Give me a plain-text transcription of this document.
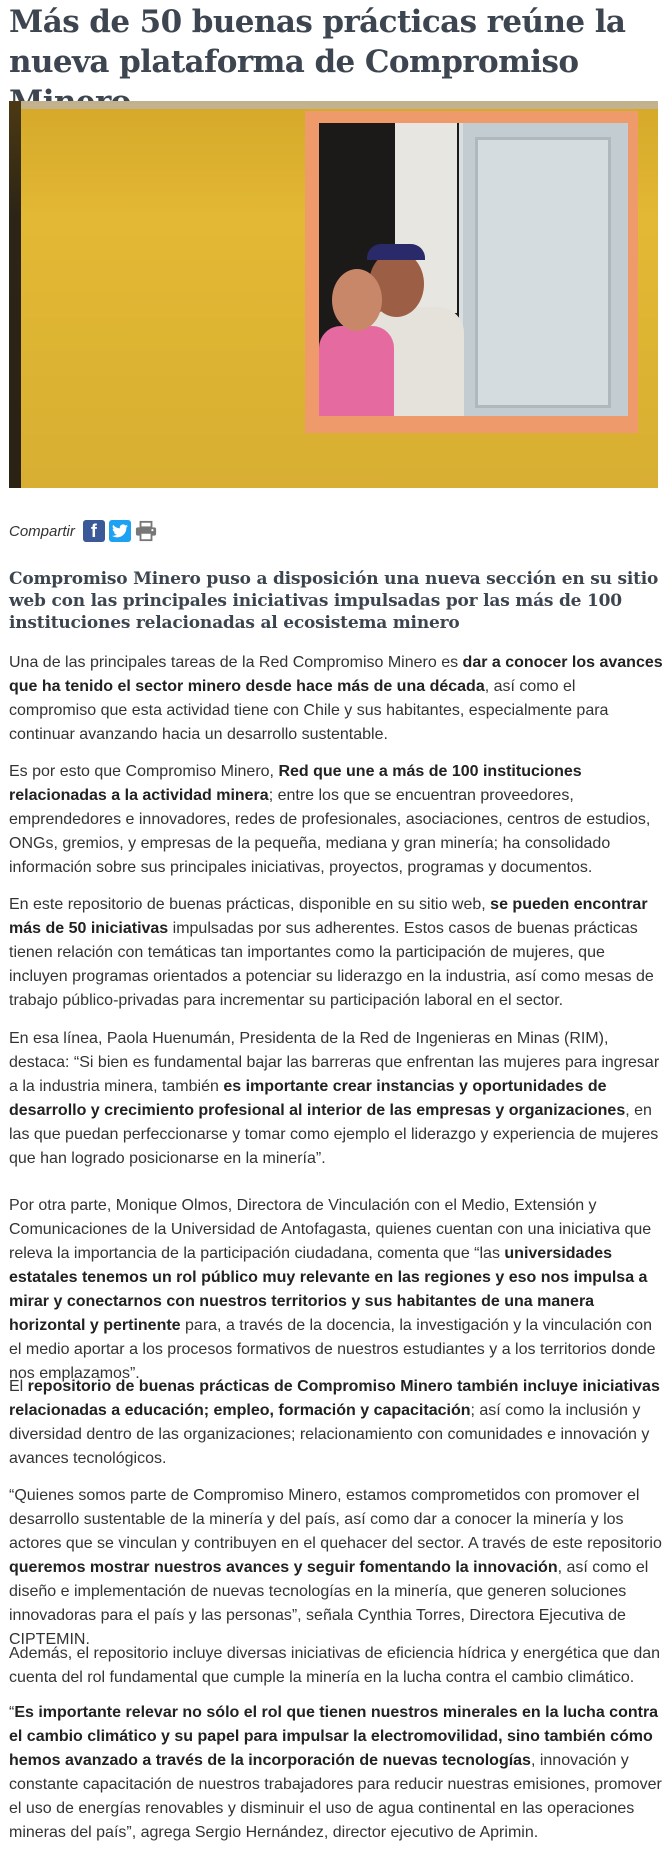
Más de 50 buenas prácticas reúne la nueva plataforma de Compromiso
Compartir f

Compromiso Minero puso a disposición una nueva sección en su sitio web con las principales iniciativas impulsadas por las más de 100 instituciones relacionadas al ecosistema minero

Una de las principales tareas de la Red Compromiso Minero es dar a conocer los avances que ha tenido el sector minero desde hace más de una década, así como el compromiso que esta actividad tiene con Chile y sus habitantes, especialmente para continuar avanzando hacia un desarrollo sustentable.

Es por esto que Compromiso Minero, Red que une a más de 100 instituciones relacionadas a la actividad minera; entre los que se encuentran proveedores, emprendedores e innovadores, redes de profesionales, asociaciones, centros de estudios, ONGs, gremios, y empresas de la pequeña, mediana y gran minería; ha consolidado información sobre sus principales iniciativas, proyectos, programas y documentos.

En este repositorio de buenas prácticas, disponible en su sitio web, se pueden encontrar más de 50 iniciativas impulsadas por sus adherentes. Estos casos de buenas prácticas tienen relación con temáticas tan importantes como la participación de mujeres, que incluyen programas orientados a potenciar su liderazgo en la industria, así como mesas de trabajo público-privadas para incrementar su participación laboral en el sector.

En esa línea, Paola Huenumán, Presidenta de la Red de Ingenieras en Minas (RIM), destaca: “Si bien es fundamental bajar las barreras que enfrentan las mujeres para ingresar a la industria minera, también es importante crear instancias y oportunidades de desarrollo y crecimiento profesional al interior de las empresas y organizaciones, en las que puedan perfeccionarse y tomar como ejemplo el liderazgo y experiencia de mujeres que han logrado posicionarse en la minería”.

Por otra parte, Monique Olmos, Directora de Vinculación con el Medio, Extensión y Comunicaciones de la Universidad de Antofagasta, quienes cuentan con una iniciativa que releva la importancia de la participación ciudadana, comenta que “las universidades estatales tenemos un rol público muy relevante en las regiones y eso nos impulsa a mirar y conectarnos con nuestros territorios y sus habitantes de una manera horizontal y pertinente para, a través de la docencia, la investigación y la vinculación con el medio aportar a los procesos formativos de nuestros estudiantes y a los territorios donde nos emplazamos”.

El repositorio de buenas prácticas de Compromiso Minero también incluye iniciativas relacionadas a educación; empleo, formación y capacitación; así como la inclusión y diversidad dentro de las organizaciones; relacionamiento con comunidades e innovación y avances tecnológicos.

“Quienes somos parte de Compromiso Minero, estamos comprometidos con promover el desarrollo sustentable de la minería y del país, así como dar a conocer la minería y los actores que se vinculan y contribuyen en el quehacer del sector. A través de este repositorio queremos mostrar nuestros avances y seguir fomentando la innovación, así como el diseño e implementación de nuevas tecnologías en la minería, que generen soluciones innovadoras para el país y las personas”, señala Cynthia Torres, Directora Ejecutiva de CIPTEMIN.

Además, el repositorio incluye diversas iniciativas de eficiencia hídrica y energética que dan cuenta del rol fundamental que cumple la minería en la lucha contra el cambio climático.

“Es importante relevar no sólo el rol que tienen nuestros minerales en la lucha contra el cambio climático y su papel para impulsar la electromovilidad, sino también cómo hemos avanzado a través de la incorporación de nuevas tecnologías, innovación y constante capacitación de nuestros trabajadores para reducir nuestras emisiones, promover el uso de energías renovables y disminuir el uso de agua continental en las operaciones mineras del país”, agrega Sergio Hernández, director ejecutivo de Aprimin.
